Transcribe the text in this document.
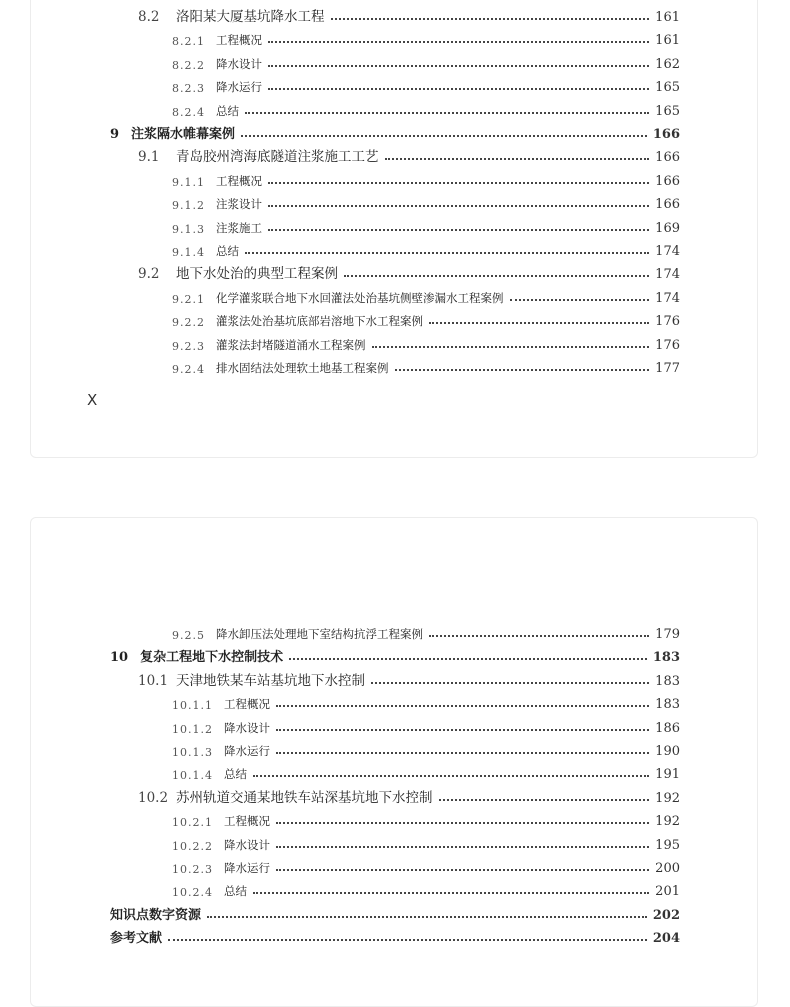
8.2	洛阳某大厦基坑降水工程	161
8.2.1 工程概况	161
8.2.2 降水设计	162
8.2.3 降水运行	165
8.2.4 总结	165
9 注浆隔水帷幕案例	166
9.1	青岛胶州湾海底隧道注浆施工工艺	166
9.1.1 工程概况	166
9.1.2 注浆设计	166
9.1.3 注浆施工	169
9.1.4 总结	174
9.2	地下水处治的典型工程案例	174
9.2.1 化学灌浆联合地下水回灌法处治基坑侧壁渗漏水工程案例	174
9.2.2 灌浆法处治基坑底部岩溶地下水工程案例	176
9.2.3 灌浆法封堵隧道涌水工程案例	176
9.2.4 排水固结法处理软土地基工程案例	177
9.2.5 降水卸压法处理地下室结构抗浮工程案例	179
10 复杂工程地下水控制技术	183
10.1 天津地铁某车站基坑地下水控制	183
10.1.1 工程概况	183
10.1.2 降水设计	186
10.1.3 降水运行	190
10.1.4 总结	191
10.2 苏州轨道交通某地铁车站深基坑地下水控制	192
10.2.1 工程概况	192
10.2.2 降水设计	195
10.2.3 降水运行	200
10.2.4 总结	201
知识点数字资源	202
参考文献	204
X
